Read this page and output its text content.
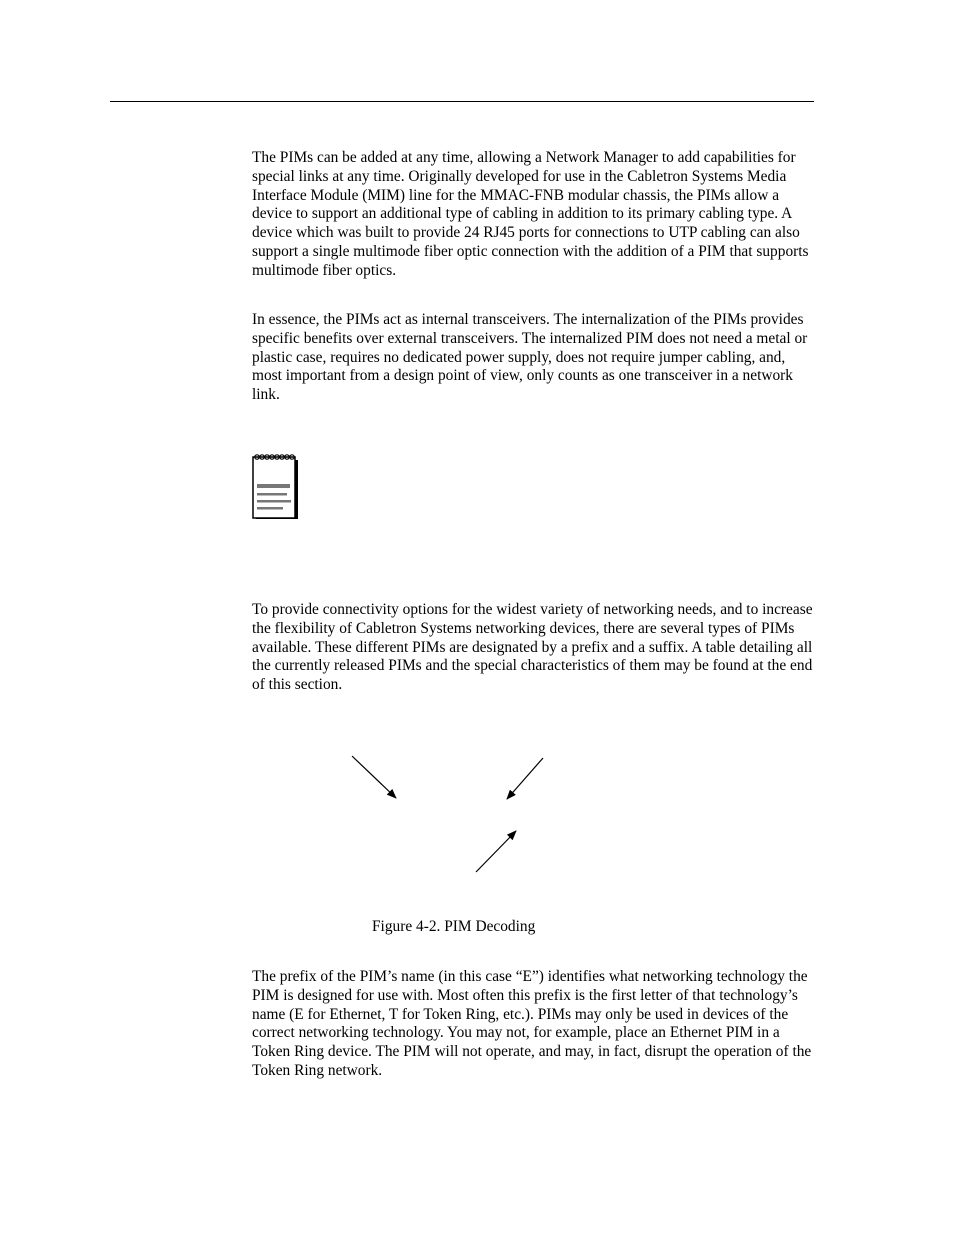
The PIMs can be added at any time, allowing a Network Manager to add capabilities for special links at any time. Originally developed for use in the Cabletron Systems Media Interface Module (MIM) line for the MMAC-FNB modular chassis, the PIMs allow a device to support an additional type of cabling in addition to its primary cabling type. A device which was built to provide 24 RJ45 ports for connections to UTP cabling can also support a single multimode fiber optic connection with the addition of a PIM that supports multimode fiber optics.

In essence, the PIMs act as internal transceivers. The internalization of the PIMs provides specific benefits over external transceivers. The internalized PIM does not need a metal or plastic case, requires no dedicated power supply, does not require jumper cabling, and, most important from a design point of view, only counts as one transceiver in a network link.

To provide connectivity options for the widest variety of networking needs, and to increase the flexibility of Cabletron Systems networking devices, there are several types of PIMs available. These different PIMs are designated by a prefix and a suffix. A table detailing all the currently released PIMs and the special characteristics of them may be found at the end of this section.

Figure 4-2. PIM Decoding

The prefix of the PIM’s name (in this case “E”) identifies what networking technology the PIM is designed for use with. Most often this prefix is the first letter of that technology’s name (E for Ethernet, T for Token Ring, etc.). PIMs may only be used in devices of the correct networking technology. You may not, for example, place an Ethernet PIM in a Token Ring device. The PIM will not operate, and may, in fact, disrupt the operation of the Token Ring network.
